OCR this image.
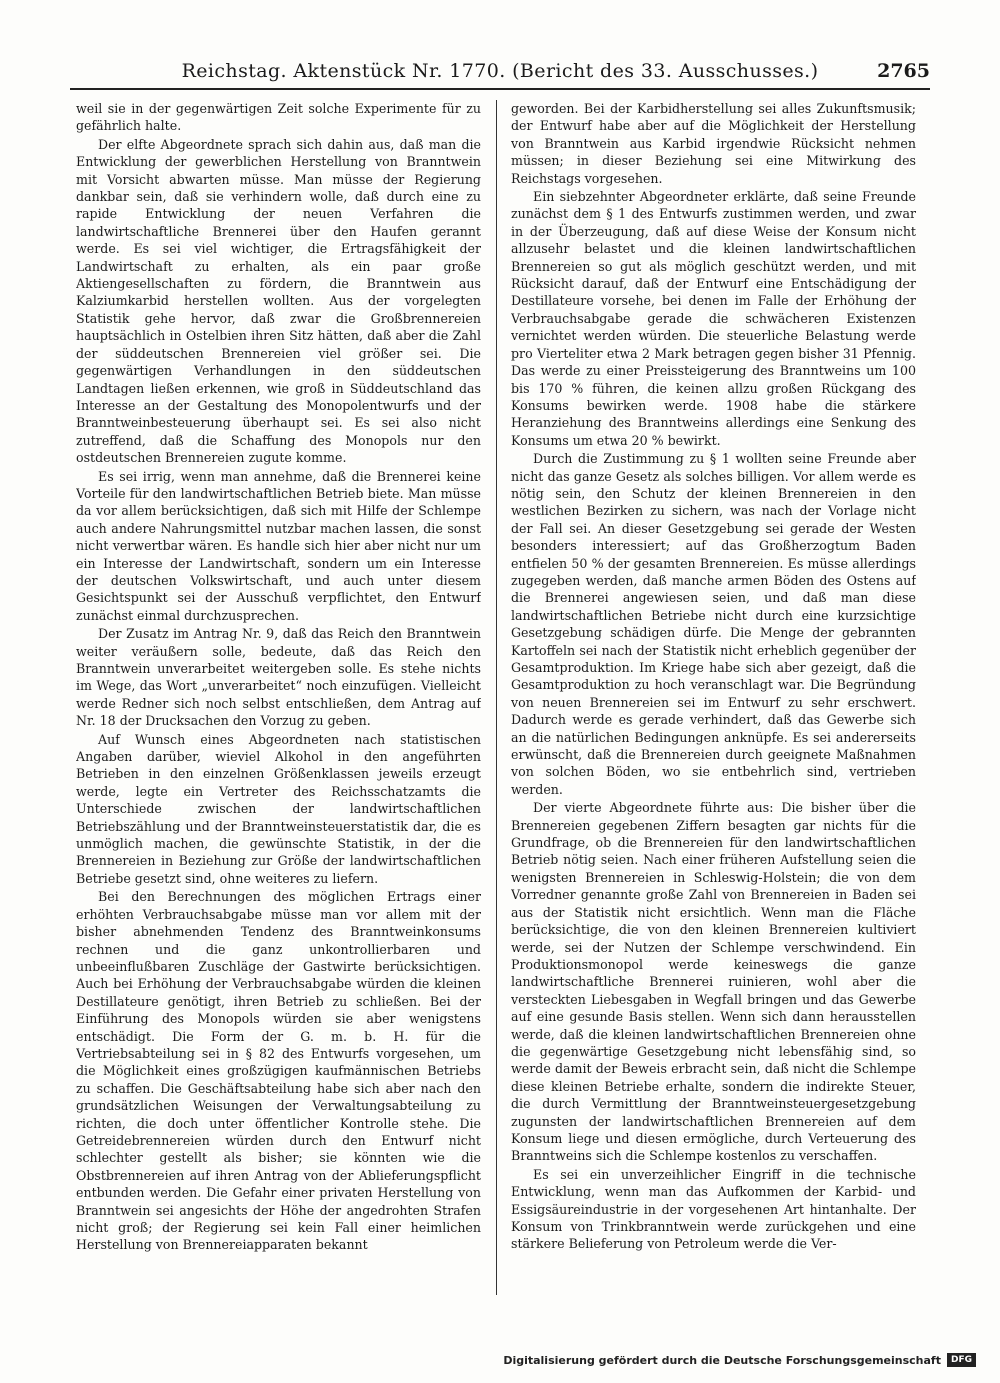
Reichstag. Aktenstück Nr. 1770. (Bericht des 33. Ausschusses.)	2765

weil sie in der gegenwärtigen Zeit solche Experimente für zu gefährlich halte.

Der elfte Abgeordnete sprach sich dahin aus, daß man die Entwicklung der gewerblichen Herstellung von Branntwein mit Vorsicht abwarten müsse. Man müsse der Regierung dankbar sein, daß sie verhindern wolle, daß durch eine zu rapide Entwicklung der neuen Verfahren die landwirtschaftliche Brennerei über den Haufen gerannt werde. Es sei viel wichtiger, die Ertragsfähigkeit der Landwirtschaft zu erhalten, als ein paar große Aktiengesellschaften zu fördern, die Branntwein aus Kalziumkarbid herstellen wollten. Aus der vorgelegten Statistik gehe hervor, daß zwar die Großbrennereien hauptsächlich in Ostelbien ihren Sitz hätten, daß aber die Zahl der süddeutschen Brennereien viel größer sei. Die gegenwärtigen Verhandlungen in den süddeutschen Landtagen ließen erkennen, wie groß in Süddeutschland das Interesse an der Gestaltung des Monopolentwurfs und der Branntweinbesteuerung überhaupt sei. Es sei also nicht zutreffend, daß die Schaffung des Monopols nur den ostdeutschen Brennereien zugute komme.

Es sei irrig, wenn man annehme, daß die Brennerei keine Vorteile für den landwirtschaftlichen Betrieb biete. Man müsse da vor allem berücksichtigen, daß sich mit Hilfe der Schlempe auch andere Nahrungsmittel nutzbar machen lassen, die sonst nicht verwertbar wären. Es handle sich hier aber nicht nur um ein Interesse der Landwirtschaft, sondern um ein Interesse der deutschen Volkswirtschaft, und auch unter diesem Gesichtspunkt sei der Ausschuß verpflichtet, den Entwurf zunächst einmal durchzusprechen.

Der Zusatz im Antrag Nr. 9, daß das Reich den Branntwein weiter veräußern solle, bedeute, daß das Reich den Branntwein unverarbeitet weitergeben solle. Es stehe nichts im Wege, das Wort „unverarbeitet“ noch einzufügen. Vielleicht werde Redner sich noch selbst entschließen, dem Antrag auf Nr. 18 der Drucksachen den Vorzug zu geben.

Auf Wunsch eines Abgeordneten nach statistischen Angaben darüber, wieviel Alkohol in den angeführten Betrieben in den einzelnen Größenklassen jeweils erzeugt werde, legte ein Vertreter des Reichsschatzamts die Unterschiede zwischen der landwirtschaftlichen Betriebszählung und der Branntweinsteuerstatistik dar, die es unmöglich machen, die gewünschte Statistik, in der die Brennereien in Beziehung zur Größe der landwirtschaftlichen Betriebe gesetzt sind, ohne weiteres zu liefern.

Bei den Berechnungen des möglichen Ertrags einer erhöhten Verbrauchsabgabe müsse man vor allem mit der bisher abnehmenden Tendenz des Branntweinkonsums rechnen und die ganz unkontrollierbaren und unbeeinflußbaren Zuschläge der Gastwirte berücksichtigen. Auch bei Erhöhung der Verbrauchsabgabe würden die kleinen Destillateure genötigt, ihren Betrieb zu schließen. Bei der Einführung des Monopols würden sie aber wenigstens entschädigt. Die Form der G. m. b. H. für die Vertriebsabteilung sei in § 82 des Entwurfs vorgesehen, um die Möglichkeit eines großzügigen kaufmännischen Betriebs zu schaffen. Die Geschäftsabteilung habe sich aber nach den grundsätzlichen Weisungen der Verwaltungsabteilung zu richten, die doch unter öffentlicher Kontrolle stehe. Die Getreidebrennereien würden durch den Entwurf nicht schlechter gestellt als bisher; sie könnten wie die Obstbrennereien auf ihren Antrag von der Ablieferungspflicht entbunden werden. Die Gefahr einer privaten Herstellung von Branntwein sei angesichts der Höhe der angedrohten Strafen nicht groß; der Regierung sei kein Fall einer heimlichen Herstellung von Brennereiapparaten bekannt

geworden. Bei der Karbidherstellung sei alles Zukunftsmusik; der Entwurf habe aber auf die Möglichkeit der Herstellung von Branntwein aus Karbid irgendwie Rücksicht nehmen müssen; in dieser Beziehung sei eine Mitwirkung des Reichstags vorgesehen.

Ein siebzehnter Abgeordneter erklärte, daß seine Freunde zunächst dem § 1 des Entwurfs zustimmen werden, und zwar in der Überzeugung, daß auf diese Weise der Konsum nicht allzusehr belastet und die kleinen landwirtschaftlichen Brennereien so gut als möglich geschützt werden, und mit Rücksicht darauf, daß der Entwurf eine Entschädigung der Destillateure vorsehe, bei denen im Falle der Erhöhung der Verbrauchsabgabe gerade die schwächeren Existenzen vernichtet werden würden. Die steuerliche Belastung werde pro Vierteliter etwa 2 Mark betragen gegen bisher 31 Pfennig. Das werde zu einer Preissteigerung des Branntweins um 100 bis 170 % führen, die keinen allzu großen Rückgang des Konsums bewirken werde. 1908 habe die stärkere Heranziehung des Branntweins allerdings eine Senkung des Konsums um etwa 20 % bewirkt.

Durch die Zustimmung zu § 1 wollten seine Freunde aber nicht das ganze Gesetz als solches billigen. Vor allem werde es nötig sein, den Schutz der kleinen Brennereien in den westlichen Bezirken zu sichern, was nach der Vorlage nicht der Fall sei. An dieser Gesetzgebung sei gerade der Westen besonders interessiert; auf das Großherzogtum Baden entfielen 50 % der gesamten Brennereien. Es müsse allerdings zugegeben werden, daß manche armen Böden des Ostens auf die Brennerei angewiesen seien, und daß man diese landwirtschaftlichen Betriebe nicht durch eine kurzsichtige Gesetzgebung schädigen dürfe. Die Menge der gebrannten Kartoffeln sei nach der Statistik nicht erheblich gegenüber der Gesamtproduktion. Im Kriege habe sich aber gezeigt, daß die Gesamtproduktion zu hoch veranschlagt war. Die Begründung von neuen Brennereien sei im Entwurf zu sehr erschwert. Dadurch werde es gerade verhindert, daß das Gewerbe sich an die natürlichen Bedingungen anknüpfe. Es sei andererseits erwünscht, daß die Brennereien durch geeignete Maßnahmen von solchen Böden, wo sie entbehrlich sind, vertrieben werden.

Der vierte Abgeordnete führte aus: Die bisher über die Brennereien gegebenen Ziffern besagten gar nichts für die Grundfrage, ob die Brennereien für den landwirtschaftlichen Betrieb nötig seien. Nach einer früheren Aufstellung seien die wenigsten Brennereien in Schleswig-Holstein; die von dem Vorredner genannte große Zahl von Brennereien in Baden sei aus der Statistik nicht ersichtlich. Wenn man die Fläche berücksichtige, die von den kleinen Brennereien kultiviert werde, sei der Nutzen der Schlempe verschwindend. Ein Produktionsmonopol werde keineswegs die ganze landwirtschaftliche Brennerei ruinieren, wohl aber die versteckten Liebesgaben in Wegfall bringen und das Gewerbe auf eine gesunde Basis stellen. Wenn sich dann herausstellen werde, daß die kleinen landwirtschaftlichen Brennereien ohne die gegenwärtige Gesetzgebung nicht lebensfähig sind, so werde damit der Beweis erbracht sein, daß nicht die Schlempe diese kleinen Betriebe erhalte, sondern die indirekte Steuer, die durch Vermittlung der Branntweinsteuergesetzgebung zugunsten der landwirtschaftlichen Brennereien auf dem Konsum liege und diesen ermögliche, durch Verteuerung des Branntweins sich die Schlempe kostenlos zu verschaffen.

Es sei ein unverzeihlicher Eingriff in die technische Entwicklung, wenn man das Aufkommen der Karbid- und Essigsäureindustrie in der vorgesehenen Art hintanhalte. Der Konsum von Trinkbranntwein werde zurückgehen und eine stärkere Belieferung von Petroleum werde die Ver-

Digitalisierung gefördert durch die Deutsche Forschungsgemeinschaft	DFG
